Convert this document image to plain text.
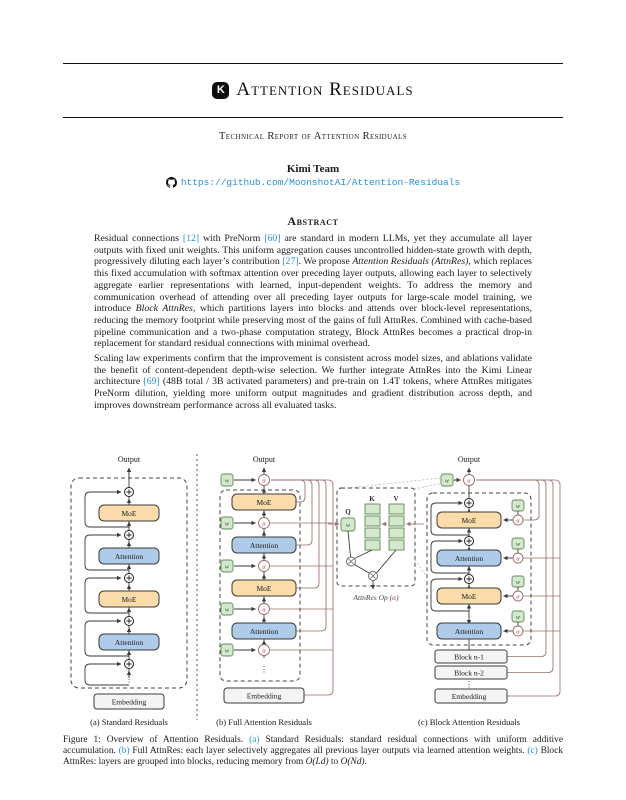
K Attention Residuals
Technical Report of Attention Residuals
Kimi Team
https://github.com/MoonshotAI/Attention-Residuals
Abstract

Residual connections [12] with PreNorm [60] are standard in modern LLMs, yet they accumulate all layer outputs with fixed unit weights. This uniform aggregation causes uncontrolled hidden-state growth with depth, progressively diluting each layer’s contribution [27]. We propose Attention Residuals (AttnRes), which replaces this fixed accumulation with softmax attention over preceding layer outputs, allowing each layer to selectively aggregate earlier representations with learned, input-dependent weights. To address the memory and communication overhead of attending over all preceding layer outputs for large-scale model training, we introduce Block AttnRes, which partitions layers into blocks and attends over block-level representations, reducing the memory footprint while preserving most of the gains of full AttnRes. Combined with cache-based pipeline communication and a two-phase computation strategy, Block AttnRes becomes a practical drop-in replacement for standard residual connections with minimal overhead.

Scaling law experiments confirm that the improvement is consistent across model sizes, and ablations validate the benefit of content-dependent depth-wise selection. We further integrate AttnRes into the Kimi Linear architecture [69] (48B total / 3B activated parameters) and pre-train on 1.4T tokens, where AttnRes mitigates PreNorm dilution, yielding more uniform output magnitudes and gradient distribution across depth, and improves downstream performance across all evaluated tasks.

MoE
Attention
MoE
Attention
⋮
Output
Embedding
(a) Standard Residuals
MoE
Attention
MoE
Attention
w
w
w
w
w
α
α
α
α
α
⋮
Output
Embedding
(b) Full Attention Residuals
Q
K	V
w
AttnRes Op (α)
MoE
Attention
MoE
Attention
w	α
w
α
w
α
w
α
w
α
Block n-1
Block n-2
⋮
Embedding
Output
(c) Block Attention Residuals
Figure 1: Overview of Attention Residuals. (a) Standard Residuals: standard residual connections with uniform additive accumulation. (b) Full AttnRes: each layer selectively aggregates all previous layer outputs via learned attention weights. (c) Block AttnRes: layers are grouped into blocks, reducing memory from O(Ld) to O(Nd).
